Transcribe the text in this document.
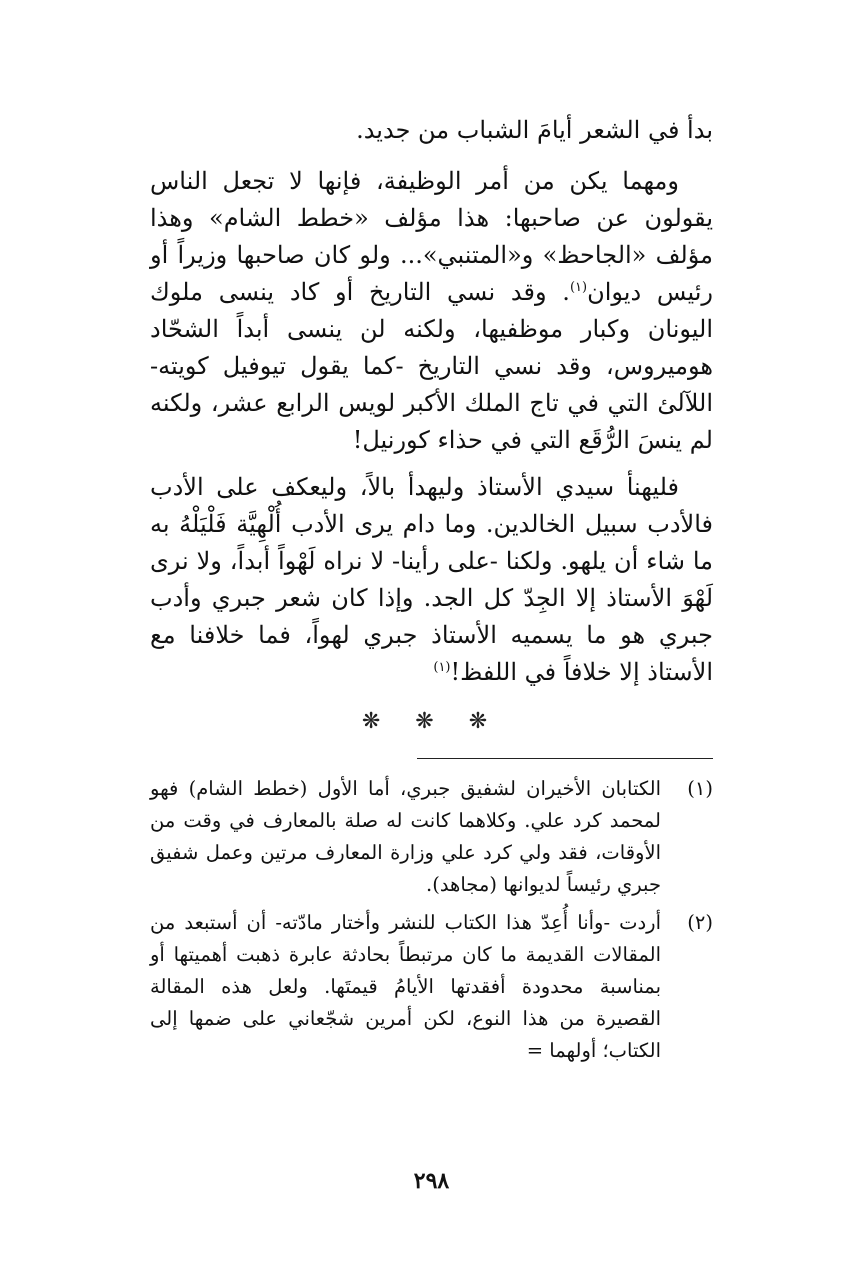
بدأ في الشعر أيامَ الشباب من جديد.

ومهما يكن من أمر الوظيفة، فإنها لا تجعل الناس يقولون عن صاحبها: هذا مؤلف «خطط الشام» وهذا مؤلف «الجاحظ» و«المتنبي»... ولو كان صاحبها وزيراً أو رئيس ديوان$^{(١)}$. وقد نسي التاريخ أو كاد ينسى ملوك اليونان وكبار موظفيها، ولكنه لن ينسى أبداً الشحّاد هوميروس، وقد نسي التاريخ -كما يقول تيوفيل كويته- اللآلئ التي في تاج الملك الأكبر لويس الرابع عشر، ولكنه لم ينسَ الرُّقَع التي في حذاء كورنيل!

فليهنأ سيدي الأستاذ وليهدأ بالاً، وليعكف على الأدب فالأدب سبيل الخالدين. وما دام يرى الأدب أُلْهِيَّة فَلْيَلْهُ به ما شاء أن يلهو. ولكنا -على رأينا- لا نراه لَهْواً أبداً، ولا نرى لَهْوَ الأستاذ إلا الجِدّ كل الجد. وإذا كان شعر جبري وأدب جبري هو ما يسميه الأستاذ جبري لهواً، فما خلافنا مع الأستاذ إلا خلافاً في اللفظ!$^{(١)}$

❋ ❋ ❋
(١)
الكتابان الأخيران لشفيق جبري، أما الأول (خطط الشام) فهو لمحمد كرد علي. وكلاهما كانت له صلة بالمعارف في وقت من الأوقات، فقد ولي كرد علي وزارة المعارف مرتين وعمل شفيق جبري رئيساً لديوانها (مجاهد).
(٢)
أردت -وأنا أُعِدّ هذا الكتاب للنشر وأختار مادّته- أن أستبعد من المقالات القديمة ما كان مرتبطاً بحادثة عابرة ذهبت أهميتها أو بمناسبة محدودة أفقدتها الأيامُ قيمتَها. ولعل هذه المقالة القصيرة من هذا النوع، لكن أمرين شجّعاني على ضمها إلى الكتاب؛ أولهما =
٢٩٨
